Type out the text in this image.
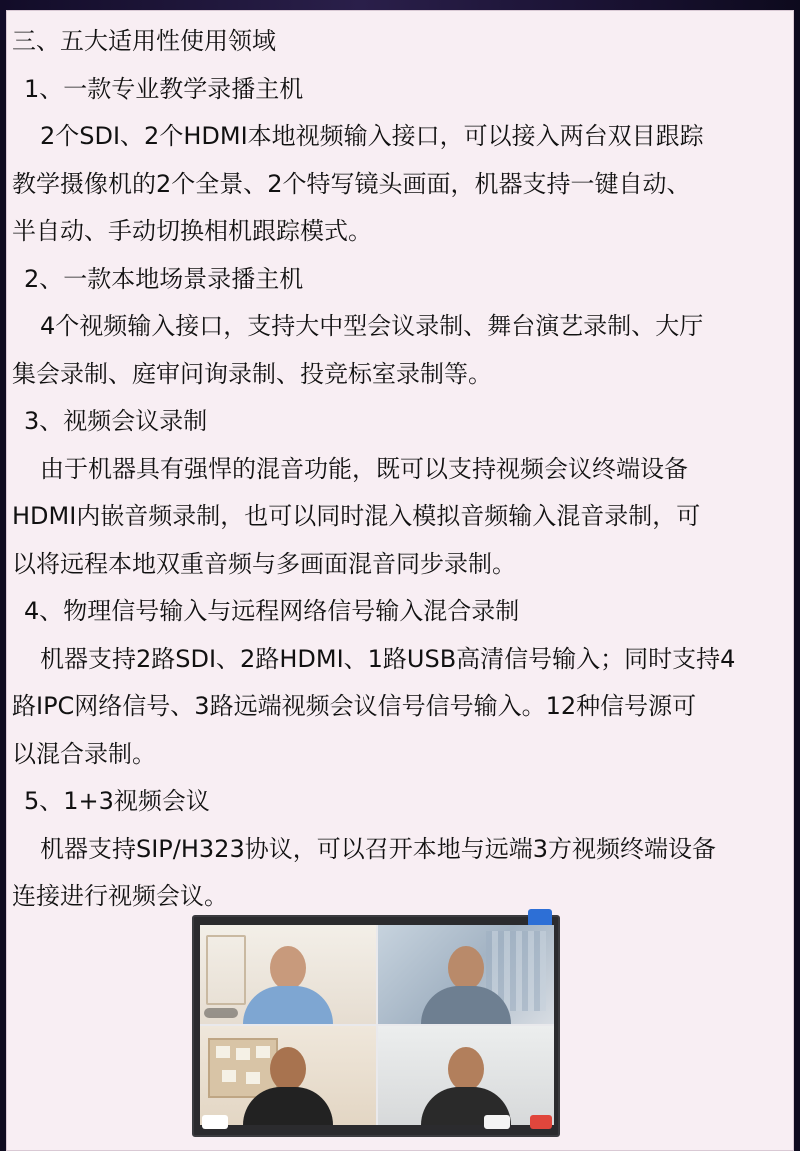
三、五大适用性使用领域
1、一款专业教学录播主机
2个SDI、2个HDMI本地视频输入接口，可以接入两台双目跟踪
教学摄像机的2个全景、2个特写镜头画面，机器支持一键自动、
半自动、手动切换相机跟踪模式。
2、一款本地场景录播主机
4个视频输入接口，支持大中型会议录制、舞台演艺录制、大厅
集会录制、庭审问询录制、投竞标室录制等。
3、视频会议录制
由于机器具有强悍的混音功能，既可以支持视频会议终端设备
HDMI内嵌音频录制，也可以同时混入模拟音频输入混音录制，可
以将远程本地双重音频与多画面混音同步录制。
4、物理信号输入与远程网络信号输入混合录制
机器支持2路SDI、2路HDMI、1路USB高清信号输入；同时支持4
路IPC网络信号、3路远端视频会议信号信号输入。12种信号源可
以混合录制。
5、1+3视频会议
机器支持SIP/H323协议，可以召开本地与远端3方视频终端设备
连接进行视频会议。
